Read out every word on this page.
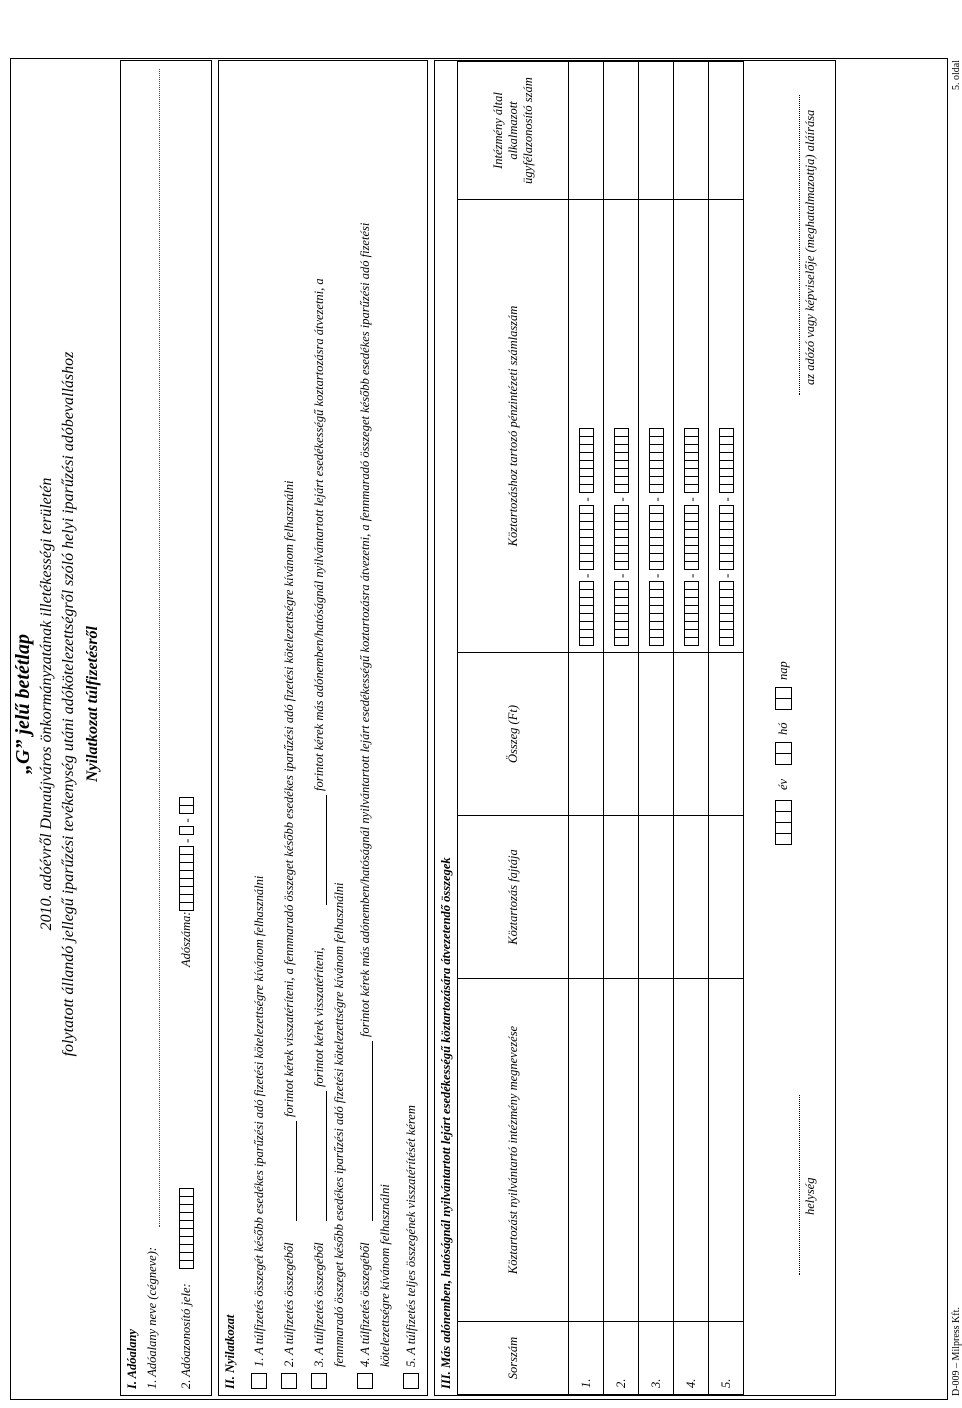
„G” jelű betétlap 2010. adóévről Dunaújváros önkormányzatának illetékességi területén folytatott állandó jellegű iparűzési tevékenység utáni adókötelezettségről szóló helyi iparűzési adóbevalláshoz Nyilatkozat túlfizetésről
I. Adóalany 1. Adóalany neve (cégneve): 2. Adóazonosító jele:
Adószáma:
-
-
II. Nyilatkozat 1. A túlfizetés összegét később esedékes iparűzési adó fizetési kötelezettségre kívánom felhasználni 2. A túlfizetés összegéből
forintot kérek visszatéríteni, a fennmaradó összeget később esedékes iparűzési adó fizetési kötelezettségre kívánom felhasználni
3. A túlfizetés összegéből
forintot kérek visszatéríteni,
forintot kérek más adónemben/hatóságnál nyilvántartott lejárt esedékességű koztartozásra átvezetni, a
fennmaradó összeget később esedékes iparűzési adó fizetési kötelezettségre kívánom felhasználni 4. A túlfizetés összegéből
forintot kérek más adónemben/hatóságnál nyilvántartott lejárt esedékességű koztartozásra átvezetni, a fennmaradó összeget később esedékes iparűzési adó fizetési
kötelezettségre kívánom felhasználni 5. A túlfizetés teljes összegének visszatérítését kérem III. Más adónemben, hatóságnál nyilvántartott lejárt esedékességű köztartozására átvezetendő összegek	Sorszám	Köztartozást nyilvántartó intézmény megnevezése	Köztartozás fajtája	Összeg (Ft)	Köztartozáshoz tartozó pénzintézeti számlaszám	Intézmény által alkalmazott ügyfélazonosító szám
1.				-
-	

2.				-
-	

3.				-
-	

4.				-
-	

5.				-
-	

helység
év
hó
nap
az adózó vagy képviselője (meghatalmazottja) aláírása
D-009 – Milpress Kft.
5. oldal
